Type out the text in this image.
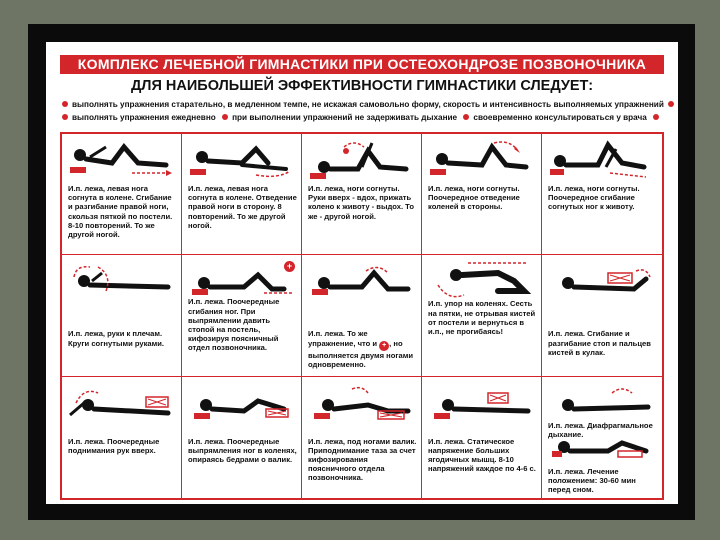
КОМПЛЕКС ЛЕЧЕБНОЙ ГИМНАСТИКИ ПРИ ОСТЕОХОНДРОЗЕ ПОЗВОНОЧНИКА
ДЛЯ НАИБОЛЬШЕЙ ЭФФЕКТИВНОСТИ ГИМНАСТИКИ СЛЕДУЕТ:
выполнять упражнения старательно, в медленном темпе, не искажая самовольно форму, скорость и интенсивность выполняемых упражнений
выполнять упражнения ежедневно при выполнении упражнений не задерживать дыхание своевременно консультироваться у врача
И.п. лежа, левая нога согнута в колене. Сгибание и разгибание правой ноги, скользя пяткой по постели. 8-10 повторений. То же другой ногой.
И.п. лежа, левая нога согнута в колене. Отведение правой ноги в сторону. 8 повторений. То же другой ногой.
И.п. лежа, ноги согнуты. Руки вверх - вдох, прижать колено к животу - выдох. То же - другой ногой.
И.п. лежа, ноги согнуты. Поочередное отведение коленей в стороны.
И.п. лежа, ноги согнуты. Поочередное сгибание согнутых ног к животу.
И.п. лежа, руки к плечам. Круги согнутыми руками.
+
И.п. лежа. Поочередные сгибания ног. При выпрямлении давить стопой на постель, кифозируя поясничный отдел позвоночника.
И.п. лежа. То же упражнение, что и + , но выполняется двумя ногами одновременно.
И.п. упор на коленях. Сесть на пятки, не отрывая кистей от постели и вернуться в и.п., не прогибаясь!	И.п. лежа. Сгибание и разгибание стоп и пальцев кистей в кулак.
И.п. лежа. Поочередные поднимания рук вверх.
И.п. лежа. Поочередные выпрямления ног в коленях, опираясь бедрами о валик.
И.п. лежа, под ногами валик. Приподнимание таза за счет кифозирования поясничного отдела позвоночника.
И.п. лежа. Статическое напряжение больших ягодичных мышц. 8-10 напряжений каждое по 4-6 с.
И.п. лежа. Диафрагмальное дыхание.
И.п. лежа. Лечение положением: 30-60 мин перед сном.
